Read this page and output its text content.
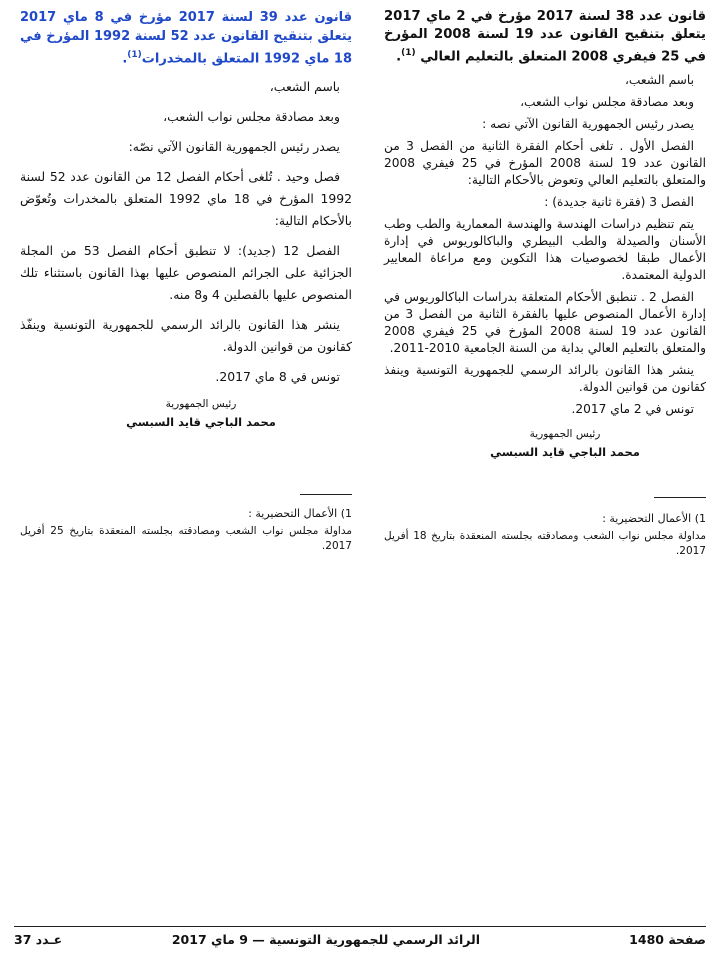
قانون عدد 38 لسنة 2017 مؤرخ في 2 ماي 2017 يتعلق بتنقيح القانون عدد 19 لسنة 2008 المؤرخ في 25 فيفري 2008 المتعلق بالتعليم العالي $^{(1)}$.

باسم الشعب،

وبعد مصادقة مجلس نواب الشعب،

يصدر رئيس الجمهورية القانون الآتي نصه :

الفصل الأول . تلغى أحكام الفقرة الثانية من الفصل 3 من القانون عدد 19 لسنة 2008 المؤرخ في 25 فيفري 2008 والمتعلق بالتعليم العالي وتعوض بالأحكام التالية:

الفصل 3 (فقرة ثانية جديدة) :

يتم تنظيم دراسات الهندسة والهندسة المعمارية والطب وطب الأسنان والصيدلة والطب البيطري والباكالوريوس في إدارة الأعمال طبقا لخصوصيات هذا التكوين ومع مراعاة المعايير الدولية المعتمدة.

الفصل 2 . تنطبق الأحكام المتعلقة بدراسات الباكالوريوس في إدارة الأعمال المنصوص عليها بالفقرة الثانية من الفصل 3 من القانون عدد 19 لسنة 2008 المؤرخ في 25 فيفري 2008 والمتعلق بالتعليم العالي بداية من السنة الجامعية 2010-2011.

ينشر هذا القانون بالرائد الرسمي للجمهورية التونسية وينفذ كقانون من قوانين الدولة.

تونس في 2 ماي 2017.

رئيس الجمهورية
محمد الباجي قايد السبسي
قانون عدد 39 لسنة 2017 مؤرخ في 8 ماي 2017 يتعلق بتنقيح القانون عدد 52 لسنة 1992 المؤرخ في 18 ماي 1992 المتعلق بالمخدرات$^{(1)}$.

باسم الشعب،

وبعد مصادقة مجلس نواب الشعب،

يصدر رئيس الجمهورية القانون الآتي نصّه:

فصل وحيد . تُلغى أحكام الفصل 12 من القانون عدد 52 لسنة 1992 المؤرخ في 18 ماي 1992 المتعلق بالمخدرات وتُعوّض بالأحكام التالية:

الفصل 12 (جديد): لا تنطبق أحكام الفصل 53 من المجلة الجزائية على الجرائم المنصوص عليها بهذا القانون باستثناء تلك المنصوص عليها بالفصلين 4 و8 منه.

ينشر هذا القانون بالرائد الرسمي للجمهورية التونسية وينفّذ كقانون من قوانين الدولة.

تونس في 8 ماي 2017.

رئيس الجمهورية
محمد الباجي قايد السبسي
1) الأعمال التحضيرية :
مداولة مجلس نواب الشعب ومصادقته بجلسته المنعقدة بتاريخ 18 أفريل 2017.
1) الأعمال التحضيرية :
مداولة مجلس نواب الشعب ومصادقته بجلسته المنعقدة بتاريخ 25 أفريل 2017.
صفحة 1480
الرائد الرسمي للجمهورية التونسية — 9 ماي 2017
عـدد 37
